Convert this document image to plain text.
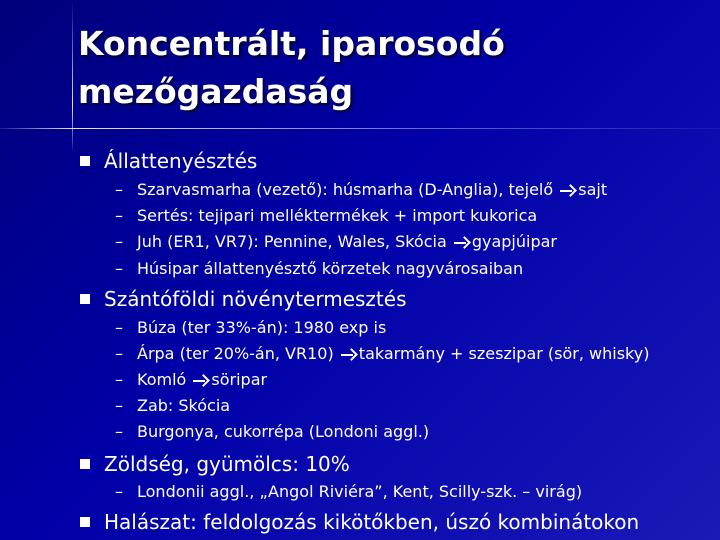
Koncentrált, iparosodó mezőgazdaság
Állattenyésztés
– Szarvasmarha (vezető): húsmarha (D-Anglia), tejelő sajt
– Sertés: tejipari melléktermékek + import kukorica
– Juh (ER1, VR7): Pennine, Wales, Skócia gyapjúipar
– Húsipar állattenyésztő körzetek nagyvárosaiban
Szántóföldi növénytermesztés
– Búza (ter 33%-án): 1980 exp is
– Árpa (ter 20%-án, VR10) takarmány + szeszipar (sör, whisky)
– Komló söripar
– Zab: Skócia
– Burgonya, cukorrépa (Londoni aggl.)
Zöldség, gyümölcs: 10%
– Londonii aggl., „Angol Riviéra”, Kent, Scilly-szk. – virág)
Halászat: feldolgozás kikötőkben, úszó kombinátokon
